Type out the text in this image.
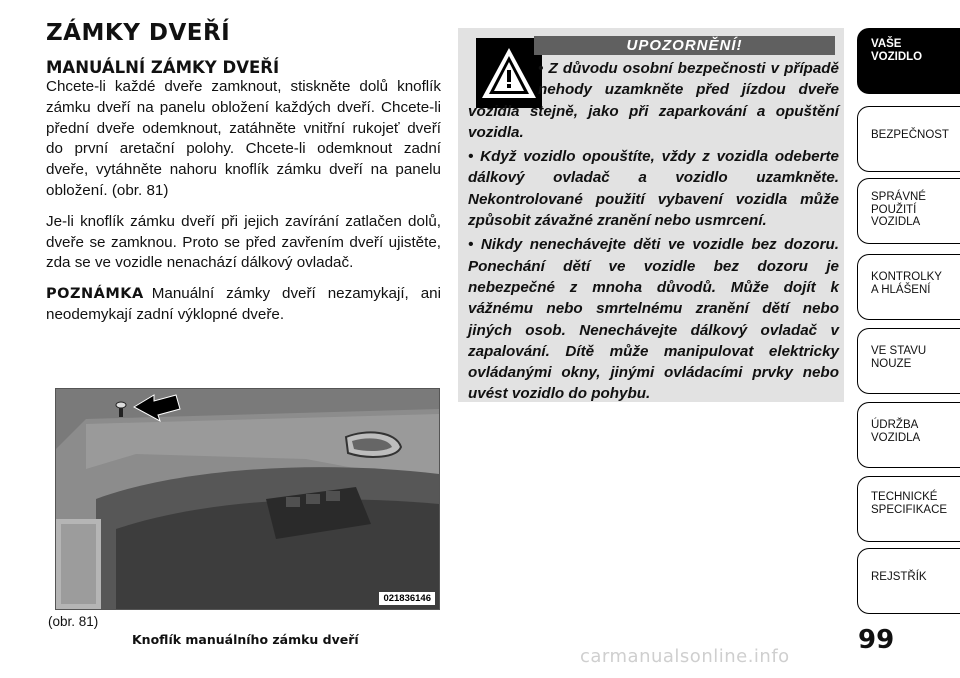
ZÁMKY DVEŘÍ
MANUÁLNÍ ZÁMKY DVEŘÍ

Chcete-li každé dveře zamknout, stiskněte dolů knoflík zámku dveří na panelu obložení každých dveří. Chcete-li přední dveře odemknout, zatáhněte vnitřní rukojeť dveří do první aretační polohy. Chcete-li odemknout zadní dveře, vytáhněte nahoru knoflík zámku dveří na panelu obložení. (obr. 81)

Je-li knoflík zámku dveří při jejich zavírání zatlačen dolů, dveře se zamknou. Proto se před zavřením dveří ujistěte, zda se ve vozidle nenachází dálkový ovladač.

POZNÁMKA Manuální zámky dveří nezamykají, ani neodemykají zadní výklopné dveře.

021836146
(obr. 81)
Knoflík manuálního zámku dveří
UPOZORNĚNÍ!

• Z důvodu osobní bezpečnosti v případě nehody uzamkněte před jízdou dveře vozidla stejně, jako při zaparkování a opuštění vozidla.

• Když vozidlo opouštíte, vždy z vozidla odeberte dálkový ovladač a vozidlo uzamkněte. Nekontrolované použití vybavení vozidla může způsobit závažné zranění nebo usmrcení.

• Nikdy nenechávejte děti ve vozidle bez dozoru. Ponechání dětí ve vozidle bez dozoru je nebezpečné z mnoha důvodů. Může dojít k vážnému nebo smrtelnému zranění dětí nebo jiných osob. Nenechávejte dálkový ovladač v zapalování. Dítě může manipulovat elektricky ovládanými okny, jinými ovládacími prvky nebo uvést vozidlo do pohybu.

VAŠE
VOZIDLO
BEZPEČNOST
SPRÁVNÉ
POUŽITÍ
VOZIDLA
KONTROLKY
A HLÁŠENÍ
VE STAVU
NOUZE
ÚDRŽBA
VOZIDLA
TECHNICKÉ
SPECIFIKACE
REJSTŘÍK
99
carmanualsonline.info
